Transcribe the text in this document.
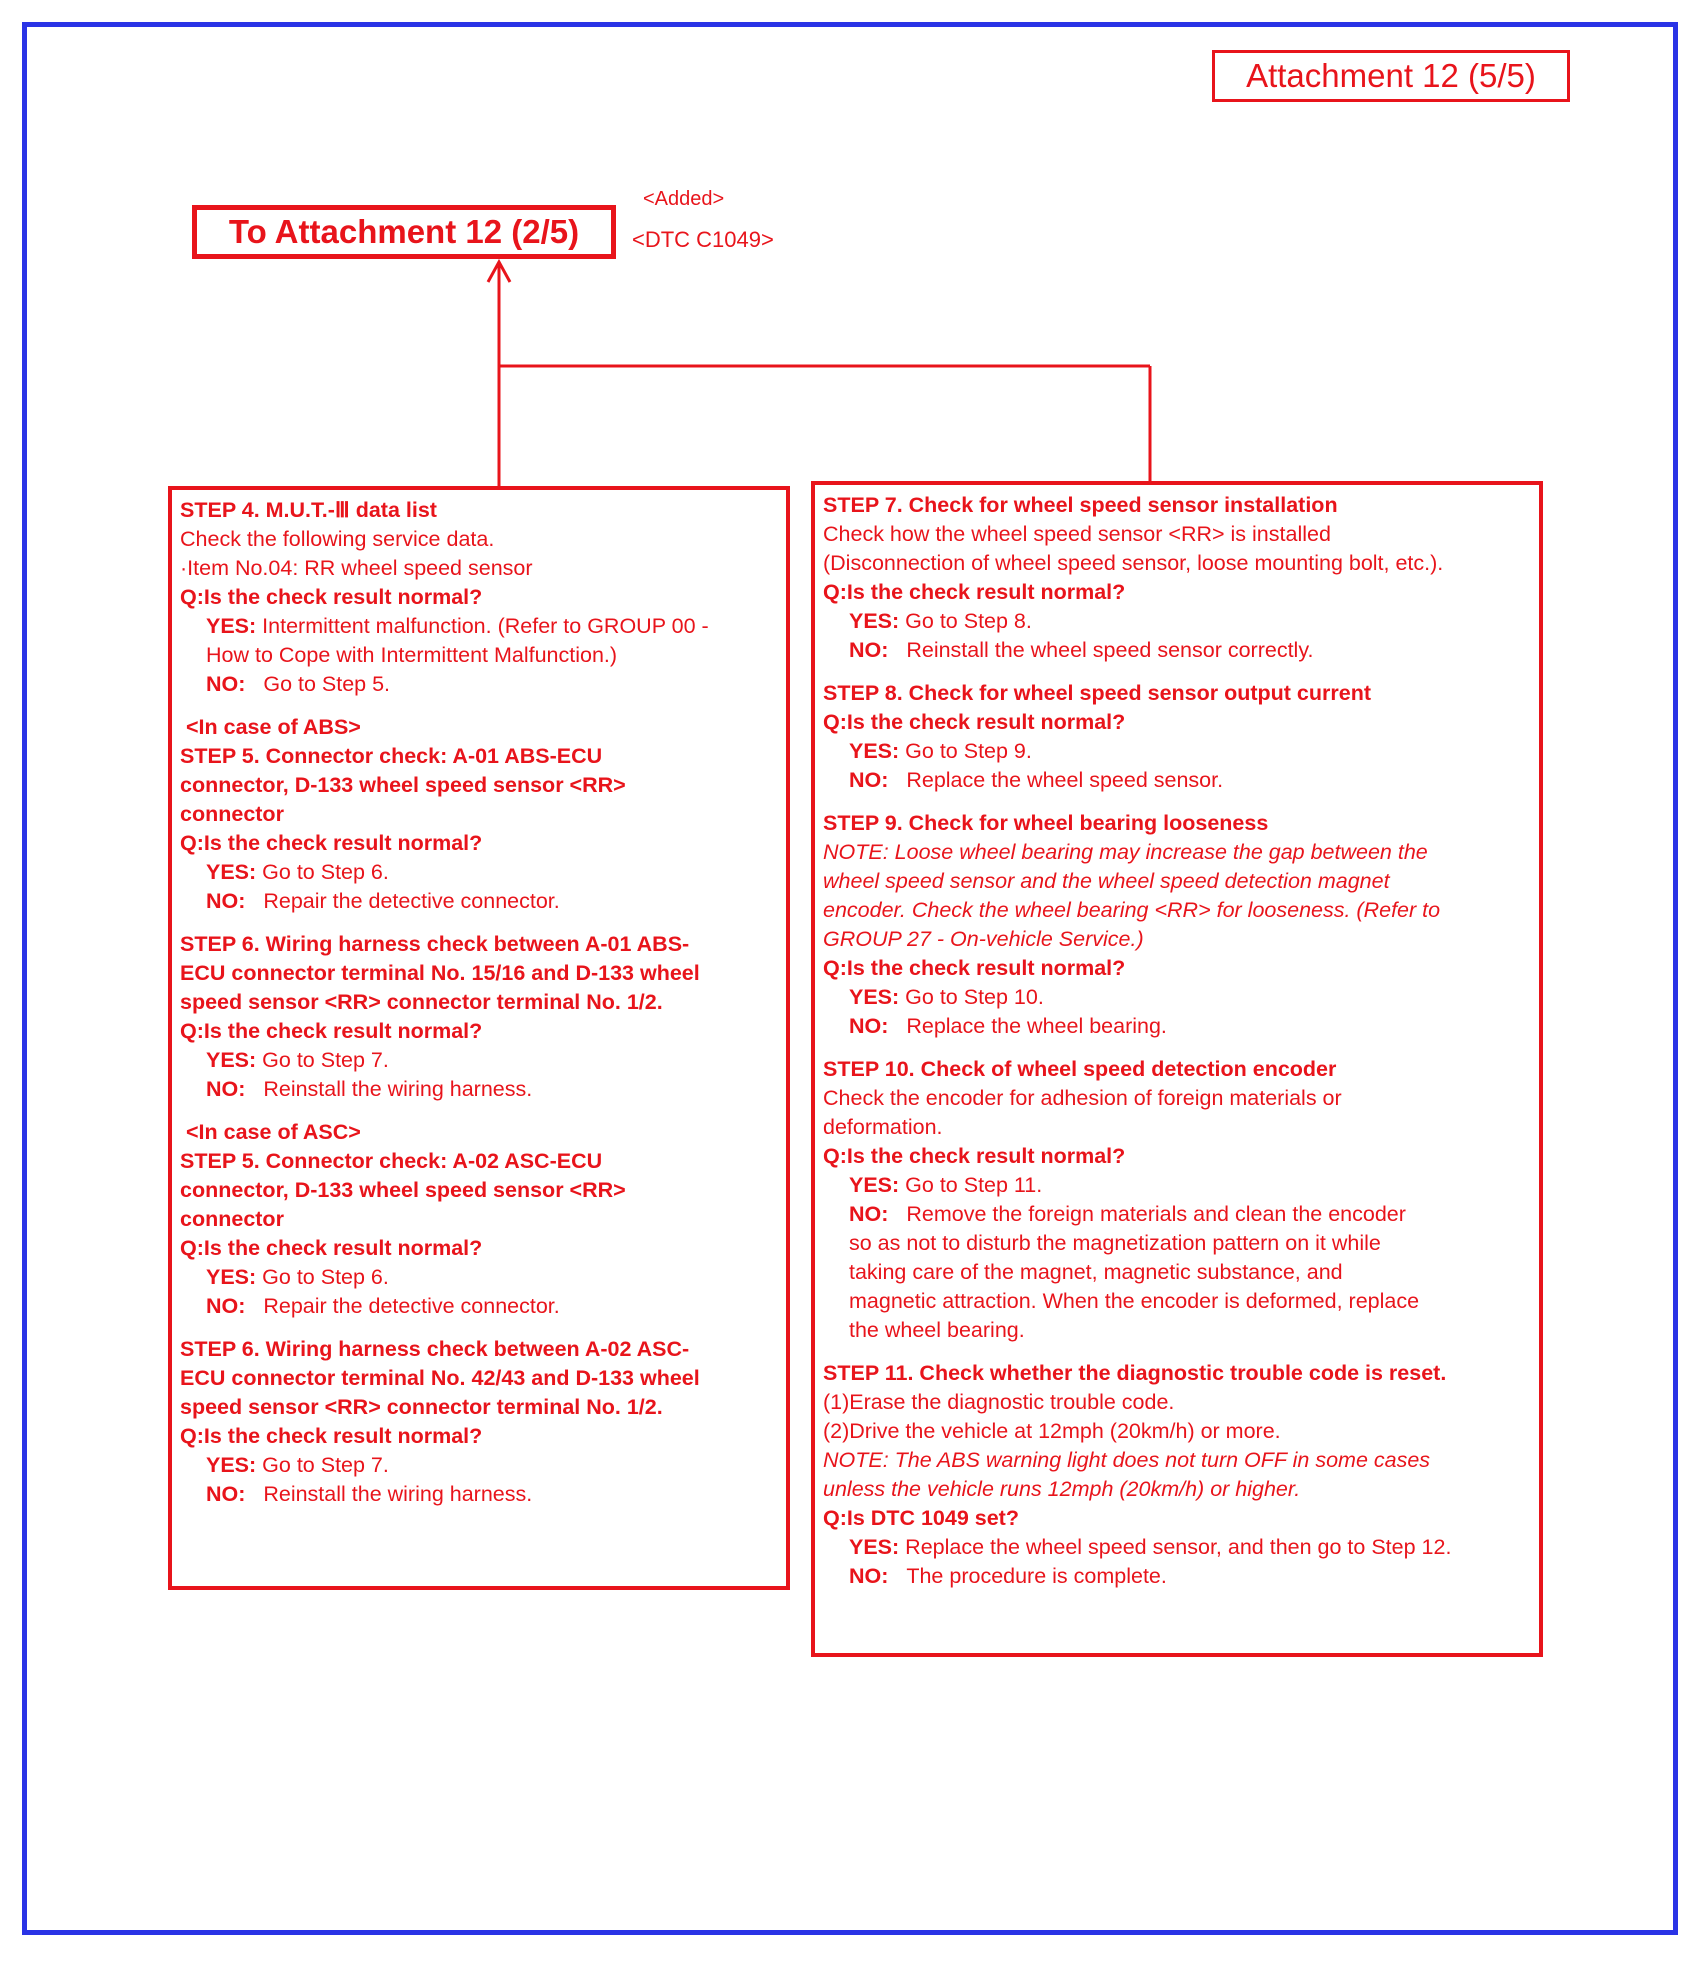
Attachment 12 (5/5)
To Attachment 12 (2/5)
<Added>
<DTC C1049>
STEP 4. M.U.T.-Ⅲ data list
Check the following service data.
·Item No.04: RR wheel speed sensor
Q:Is the check result normal?
YES: Intermittent malfunction. (Refer to GROUP 00 -
How to Cope with Intermittent Malfunction.)
NO: Go to Step 5.
<In case of ABS>
STEP 5. Connector check: A-01 ABS-ECU
connector, D-133 wheel speed sensor <RR>
connector
Q:Is the check result normal?
YES: Go to Step 6.
NO: Repair the detective connector.
STEP 6. Wiring harness check between A-01 ABS-
ECU connector terminal No. 15/16 and D-133 wheel
speed sensor <RR> connector terminal No. 1/2.
Q:Is the check result normal?
YES: Go to Step 7.
NO: Reinstall the wiring harness.
<In case of ASC>
STEP 5. Connector check: A-02 ASC-ECU
connector, D-133 wheel speed sensor <RR>
connector
Q:Is the check result normal?
YES: Go to Step 6.
NO: Repair the detective connector.
STEP 6. Wiring harness check between A-02 ASC-
ECU connector terminal No. 42/43 and D-133 wheel
speed sensor <RR> connector terminal No. 1/2.
Q:Is the check result normal?
YES: Go to Step 7.
NO: Reinstall the wiring harness.
STEP 7. Check for wheel speed sensor installation
Check how the wheel speed sensor <RR> is installed
(Disconnection of wheel speed sensor, loose mounting bolt, etc.).
Q:Is the check result normal?
YES: Go to Step 8.
NO: Reinstall the wheel speed sensor correctly.
STEP 8. Check for wheel speed sensor output current
Q:Is the check result normal?
YES: Go to Step 9.
NO: Replace the wheel speed sensor.
STEP 9. Check for wheel bearing looseness
NOTE: Loose wheel bearing may increase the gap between the
wheel speed sensor and the wheel speed detection magnet
encoder. Check the wheel bearing <RR> for looseness. (Refer to
GROUP 27 - On-vehicle Service.)
Q:Is the check result normal?
YES: Go to Step 10.
NO: Replace the wheel bearing.
STEP 10. Check of wheel speed detection encoder
Check the encoder for adhesion of foreign materials or
deformation.
Q:Is the check result normal?
YES: Go to Step 11.
NO: Remove the foreign materials and clean the encoder
so as not to disturb the magnetization pattern on it while
taking care of the magnet, magnetic substance, and
magnetic attraction. When the encoder is deformed, replace
the wheel bearing.
STEP 11. Check whether the diagnostic trouble code is reset.
(1)Erase the diagnostic trouble code.
(2)Drive the vehicle at 12mph (20km/h) or more.
NOTE: The ABS warning light does not turn OFF in some cases
unless the vehicle runs 12mph (20km/h) or higher.
Q:Is DTC 1049 set?
YES: Replace the wheel speed sensor, and then go to Step 12.
NO: The procedure is complete.
